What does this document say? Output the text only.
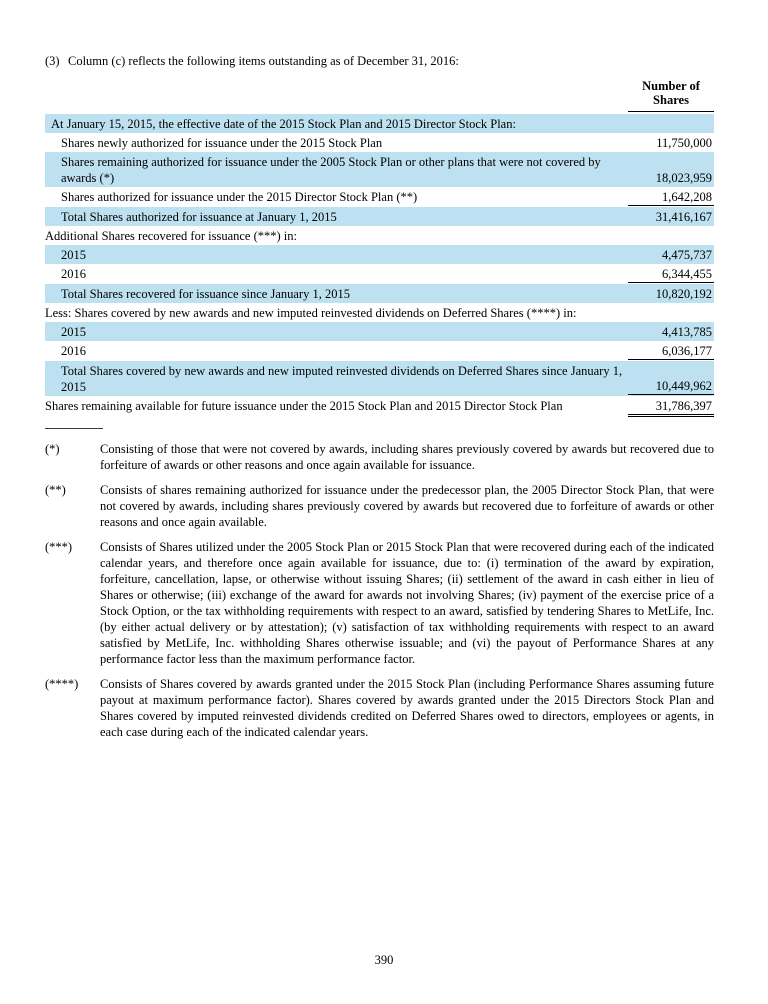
(3) Column (c) reflects the following items outstanding as of December 31, 2016:
Number of
Shares
At January 15, 2015, the effective date of the 2015 Stock Plan and 2015 Director Stock Plan:
Shares newly authorized for issuance under the 2015 Stock Plan	11,750,000
Shares remaining authorized for issuance under the 2005 Stock Plan or other plans that were not covered by awards (*)	18,023,959
Shares authorized for issuance under the 2015 Director Stock Plan (**)	1,642,208
Total Shares authorized for issuance at January 1, 2015	31,416,167
Additional Shares recovered for issuance (***) in:
2015	4,475,737
2016	6,344,455
Total Shares recovered for issuance since January 1, 2015	10,820,192
Less: Shares covered by new awards and new imputed reinvested dividends on Deferred Shares (****) in:
2015	4,413,785
2016	6,036,177
Total Shares covered by new awards and new imputed reinvested dividends on Deferred Shares since January 1, 2015	10,449,962
Shares remaining available for future issuance under the 2015 Stock Plan and 2015 Director Stock Plan	31,786,397
(*)	Consisting of those that were not covered by awards, including shares previously covered by awards but recovered due to forfeiture of awards or other reasons and once again available for issuance.
(**)	Consists of shares remaining authorized for issuance under the predecessor plan, the 2005 Director Stock Plan, that were not covered by awards, including shares previously covered by awards but recovered due to forfeiture of awards or other reasons and once again available.
(***)	Consists of Shares utilized under the 2005 Stock Plan or 2015 Stock Plan that were recovered during each of the indicated calendar years, and therefore once again available for issuance, due to: (i) termination of the award by expiration, forfeiture, cancellation, lapse, or otherwise without issuing Shares; (ii) settlement of the award in cash either in lieu of Shares or otherwise; (iii) exchange of the award for awards not involving Shares; (iv) payment of the exercise price of a Stock Option, or the tax withholding requirements with respect to an award, satisfied by tendering Shares to MetLife, Inc. (by either actual delivery or by attestation); (v) satisfaction of tax withholding requirements with respect to an award satisfied by MetLife, Inc. withholding Shares otherwise issuable; and (vi) the payout of Performance Shares at any performance factor less than the maximum performance factor.
(****)	Consists of Shares covered by awards granted under the 2015 Stock Plan (including Performance Shares assuming future payout at maximum performance factor). Shares covered by awards granted under the 2015 Directors Stock Plan and Shares covered by imputed reinvested dividends credited on Deferred Shares owed to directors, employees or agents, in each case during each of the indicated calendar years.
390
